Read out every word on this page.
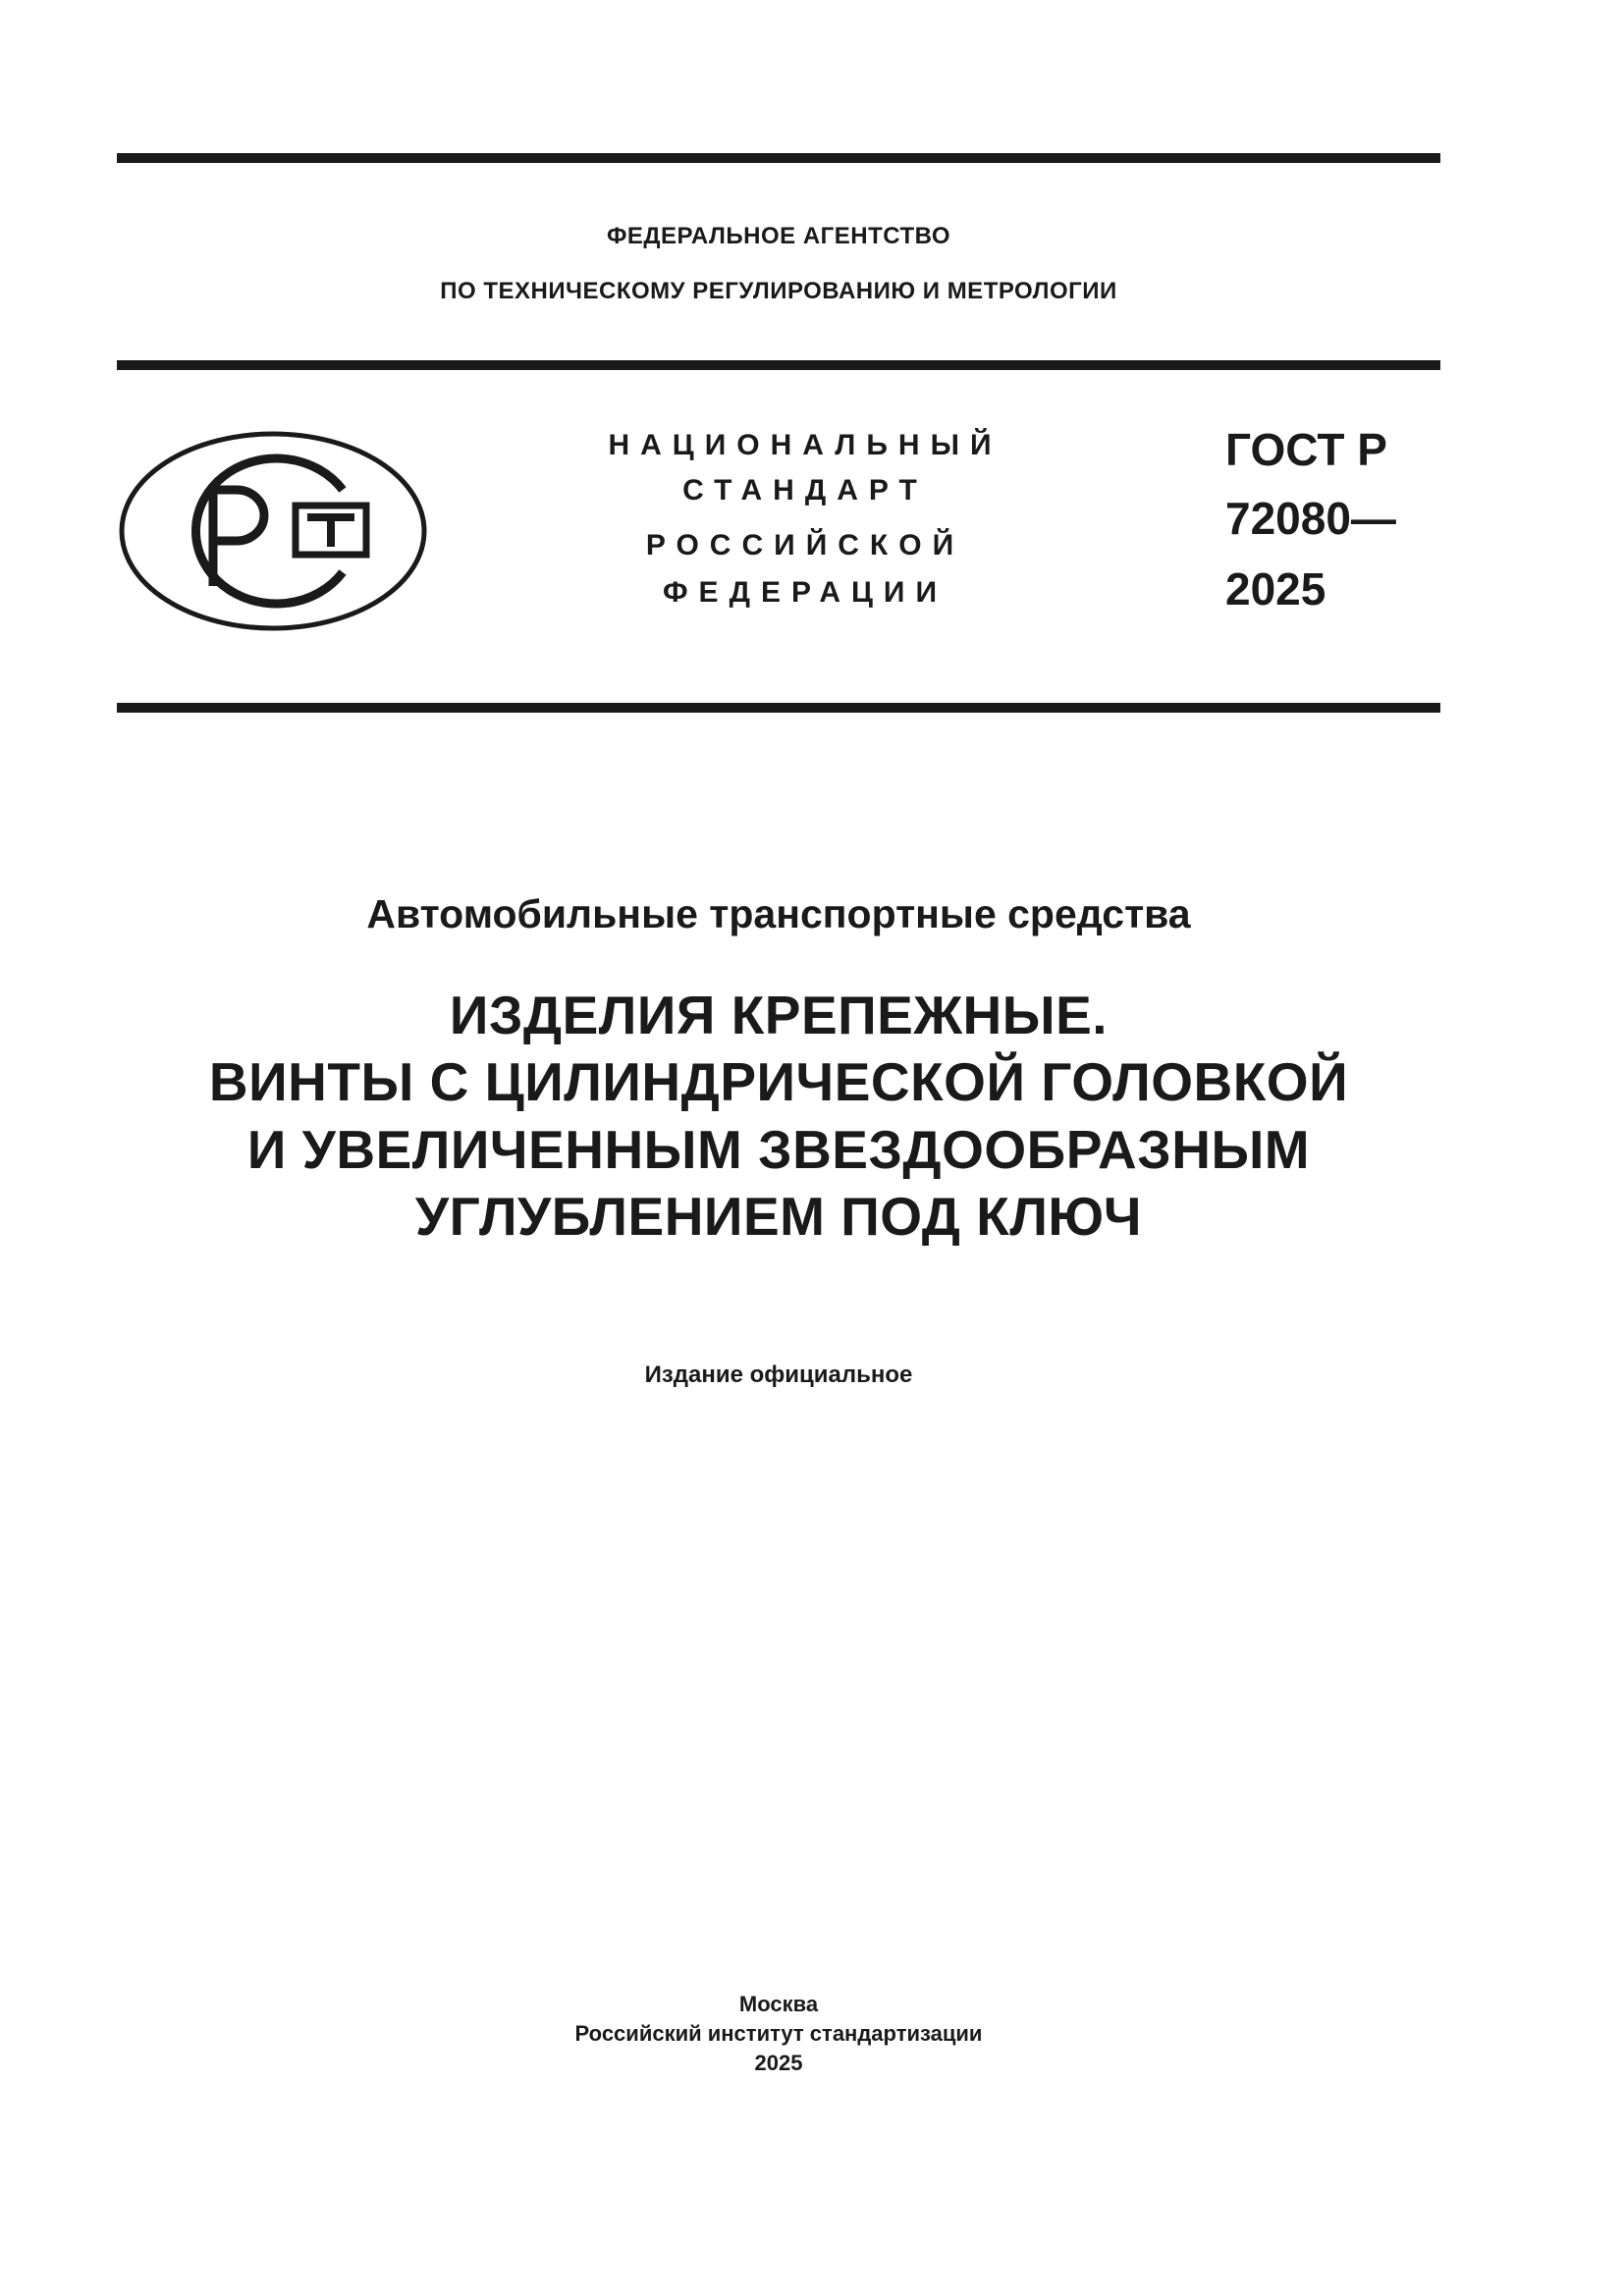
ФЕДЕРАЛЬНОЕ АГЕНТСТВО
ПО ТЕХНИЧЕСКОМУ РЕГУЛИРОВАНИЮ И МЕТРОЛОГИИ
НАЦИОНАЛЬНЫЙ
СТАНДАРТ
РОССИЙСКОЙ
ФЕДЕРАЦИИ
ГОСТ Р
72080—
2025
Автомобильные транспортные средства
ИЗДЕЛИЯ КРЕПЕЖНЫЕ.
ВИНТЫ С ЦИЛИНДРИЧЕСКОЙ ГОЛОВКОЙ
И УВЕЛИЧЕННЫМ ЗВЕЗДООБРАЗНЫМ
УГЛУБЛЕНИЕМ ПОД КЛЮЧ
Издание официальное
Москва
Российский институт стандартизации
2025
